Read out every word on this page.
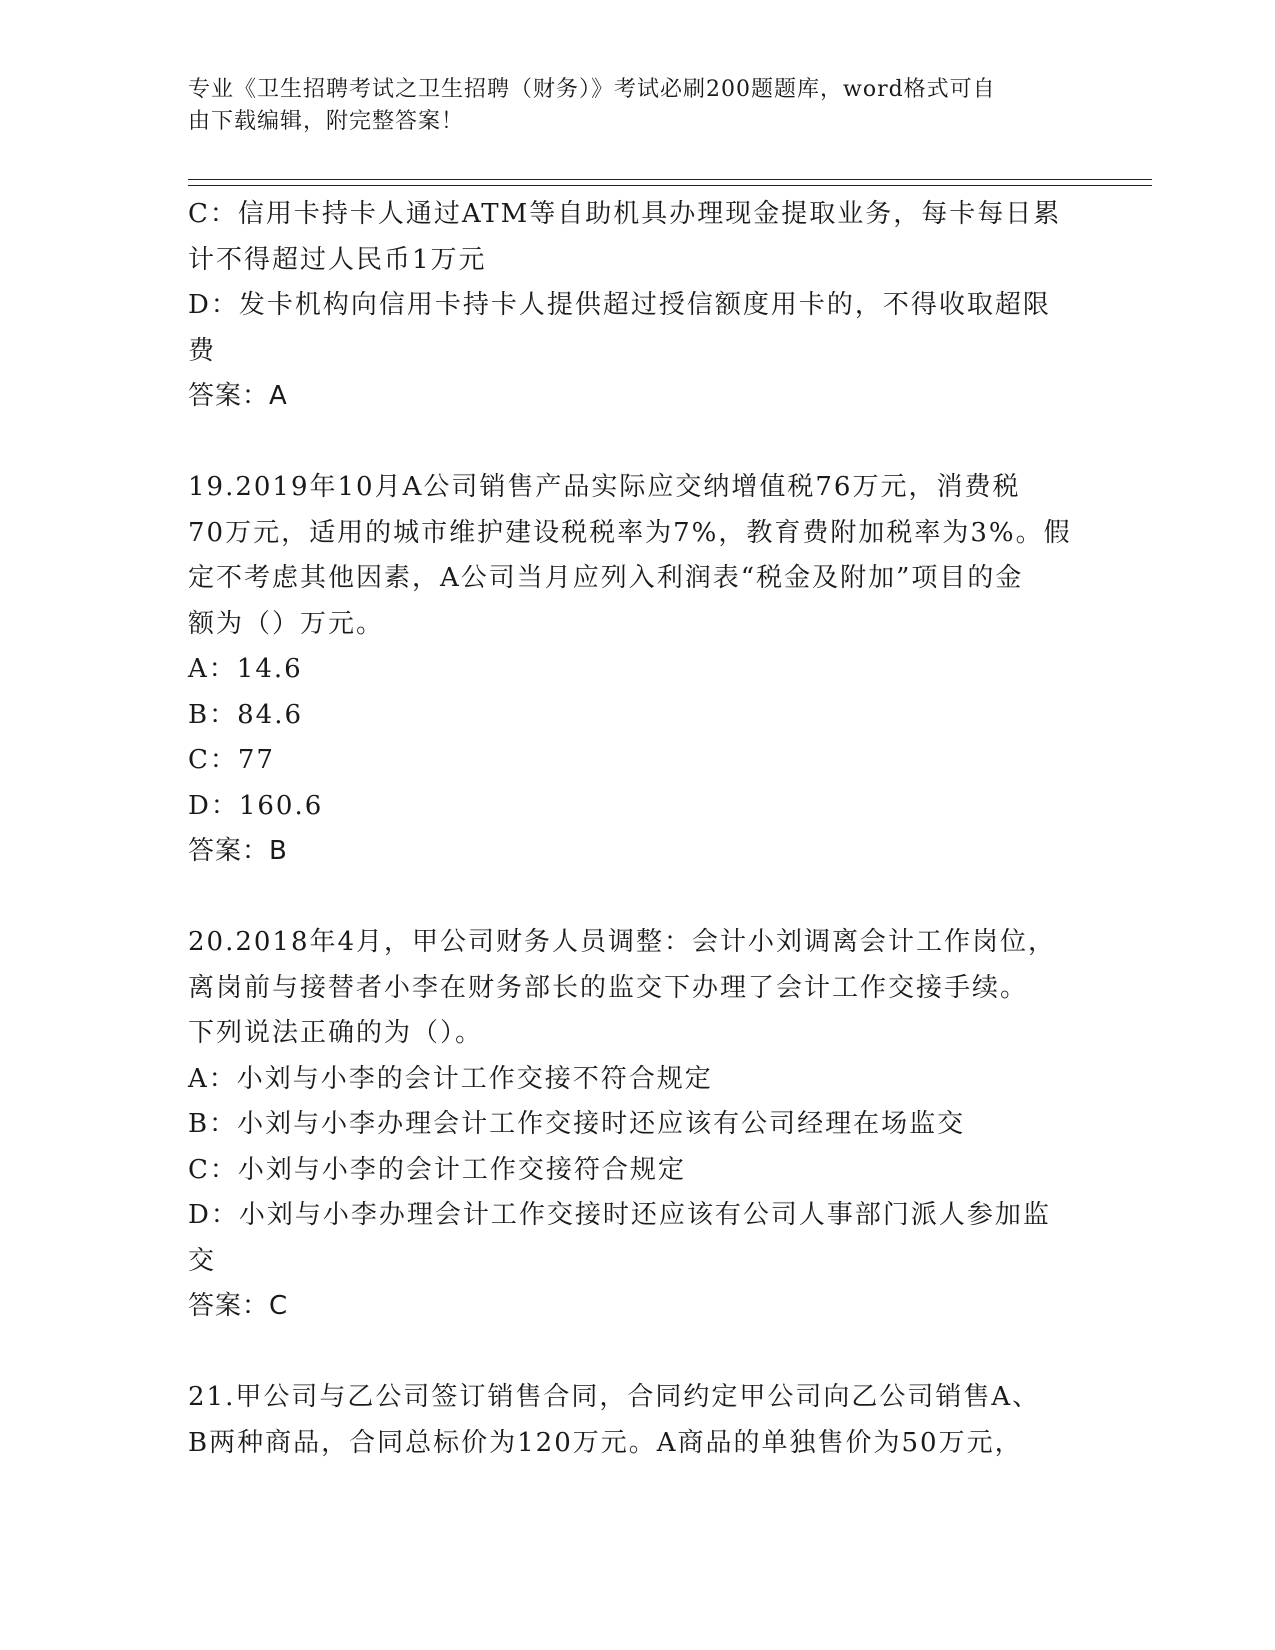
专业《卫生招聘考试之卫生招聘（财务）》考试必刷200题题库，word格式可自
由下载编辑，附完整答案！
C：信用卡持卡人通过ATM等自助机具办理现金提取业务，每卡每日累
计不得超过人民币1万元
D：发卡机构向信用卡持卡人提供超过授信额度用卡的，不得收取超限
费
答案：A
19.2019年10月A公司销售产品实际应交纳增值税76万元，消费税
70万元，适用的城市维护建设税税率为7%，教育费附加税率为3%。假
定不考虑其他因素，A公司当月应列入利润表“税金及附加”项目的金
额为（）万元。
A：14.6
B：84.6
C：77
D：160.6
答案：B
20.2018年4月，甲公司财务人员调整：会计小刘调离会计工作岗位，
离岗前与接替者小李在财务部长的监交下办理了会计工作交接手续。
下列说法正确的为（）。
A：小刘与小李的会计工作交接不符合规定
B：小刘与小李办理会计工作交接时还应该有公司经理在场监交
C：小刘与小李的会计工作交接符合规定
D：小刘与小李办理会计工作交接时还应该有公司人事部门派人参加监
交
答案：C
21.甲公司与乙公司签订销售合同，合同约定甲公司向乙公司销售A、
B两种商品，合同总标价为120万元。A商品的单独售价为50万元，
